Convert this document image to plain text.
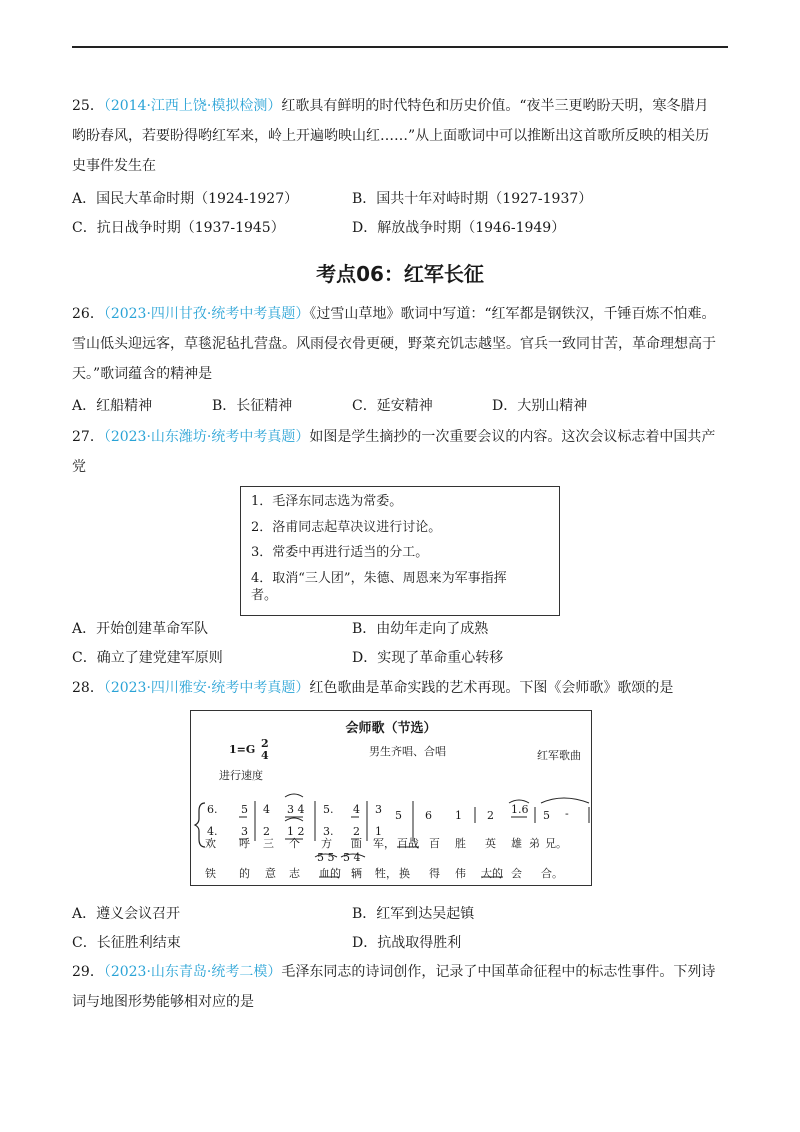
25．（2014·江西上饶·模拟检测）红歌具有鲜明的时代特色和历史价值。“夜半三更哟盼天明，寒冬腊月
哟盼春风，若要盼得哟红军来，岭上开遍哟映山红……”从上面歌词中可以推断出这首歌所反映的相关历
史事件发生在
A．国民大革命时期（1924-1927）	B．国共十年对峙时期（1927-1937）
C．抗日战争时期（1937-1945）	D．解放战争时期（1946-1949）
考点06：红军长征
26．（2023·四川甘孜·统考中考真题）《过雪山草地》歌词中写道：“红军都是钢铁汉，千锤百炼不怕难。
雪山低头迎远客，草毯泥毡扎营盘。风雨侵衣骨更硬，野菜充饥志越坚。官兵一致同甘苦，革命理想高于
天。”歌词蕴含的精神是
A．红船精神	B．长征精神	C．延安精神	D．大别山精神
27．（2023·山东潍坊·统考中考真题）如图是学生摘抄的一次重要会议的内容。这次会议标志着中国共产
党
1．毛泽东同志选为常委。
2．洛甫同志起草决议进行讨论。
3．常委中再进行适当的分工。
4．取消“三人团”，朱德、周恩来为军事指挥
者。
A．开始创建革命军队	B．由幼年走向了成熟
C．确立了建党建军原则	D．实现了革命重心转移
28．（2023·四川雅安·统考中考真题）红色歌曲是革命实践的艺术再现。下图《会师歌》歌颂的是
会师歌（节选）
1=G 2
4	男生齐唱、合唱	红军歌曲
进行速度
6. 5 4 3 4 5. 4 3 5 6 1 2 1.6 5 -
4. 3 2 1 2 3. 2 1
欢 呼 三 个 方 面 军， 百战 百 胜 英 雄 弟 兄。
5 5 5 4
铁 的 意 志 血的 辆 牲， 换 得 伟 大的 会 合。
A．遵义会议召开	B．红军到达吴起镇
C．长征胜利结束	D．抗战取得胜利
29．（2023·山东青岛·统考二模）毛泽东同志的诗词创作，记录了中国革命征程中的标志性事件。下列诗
词与地图形势能够相对应的是
